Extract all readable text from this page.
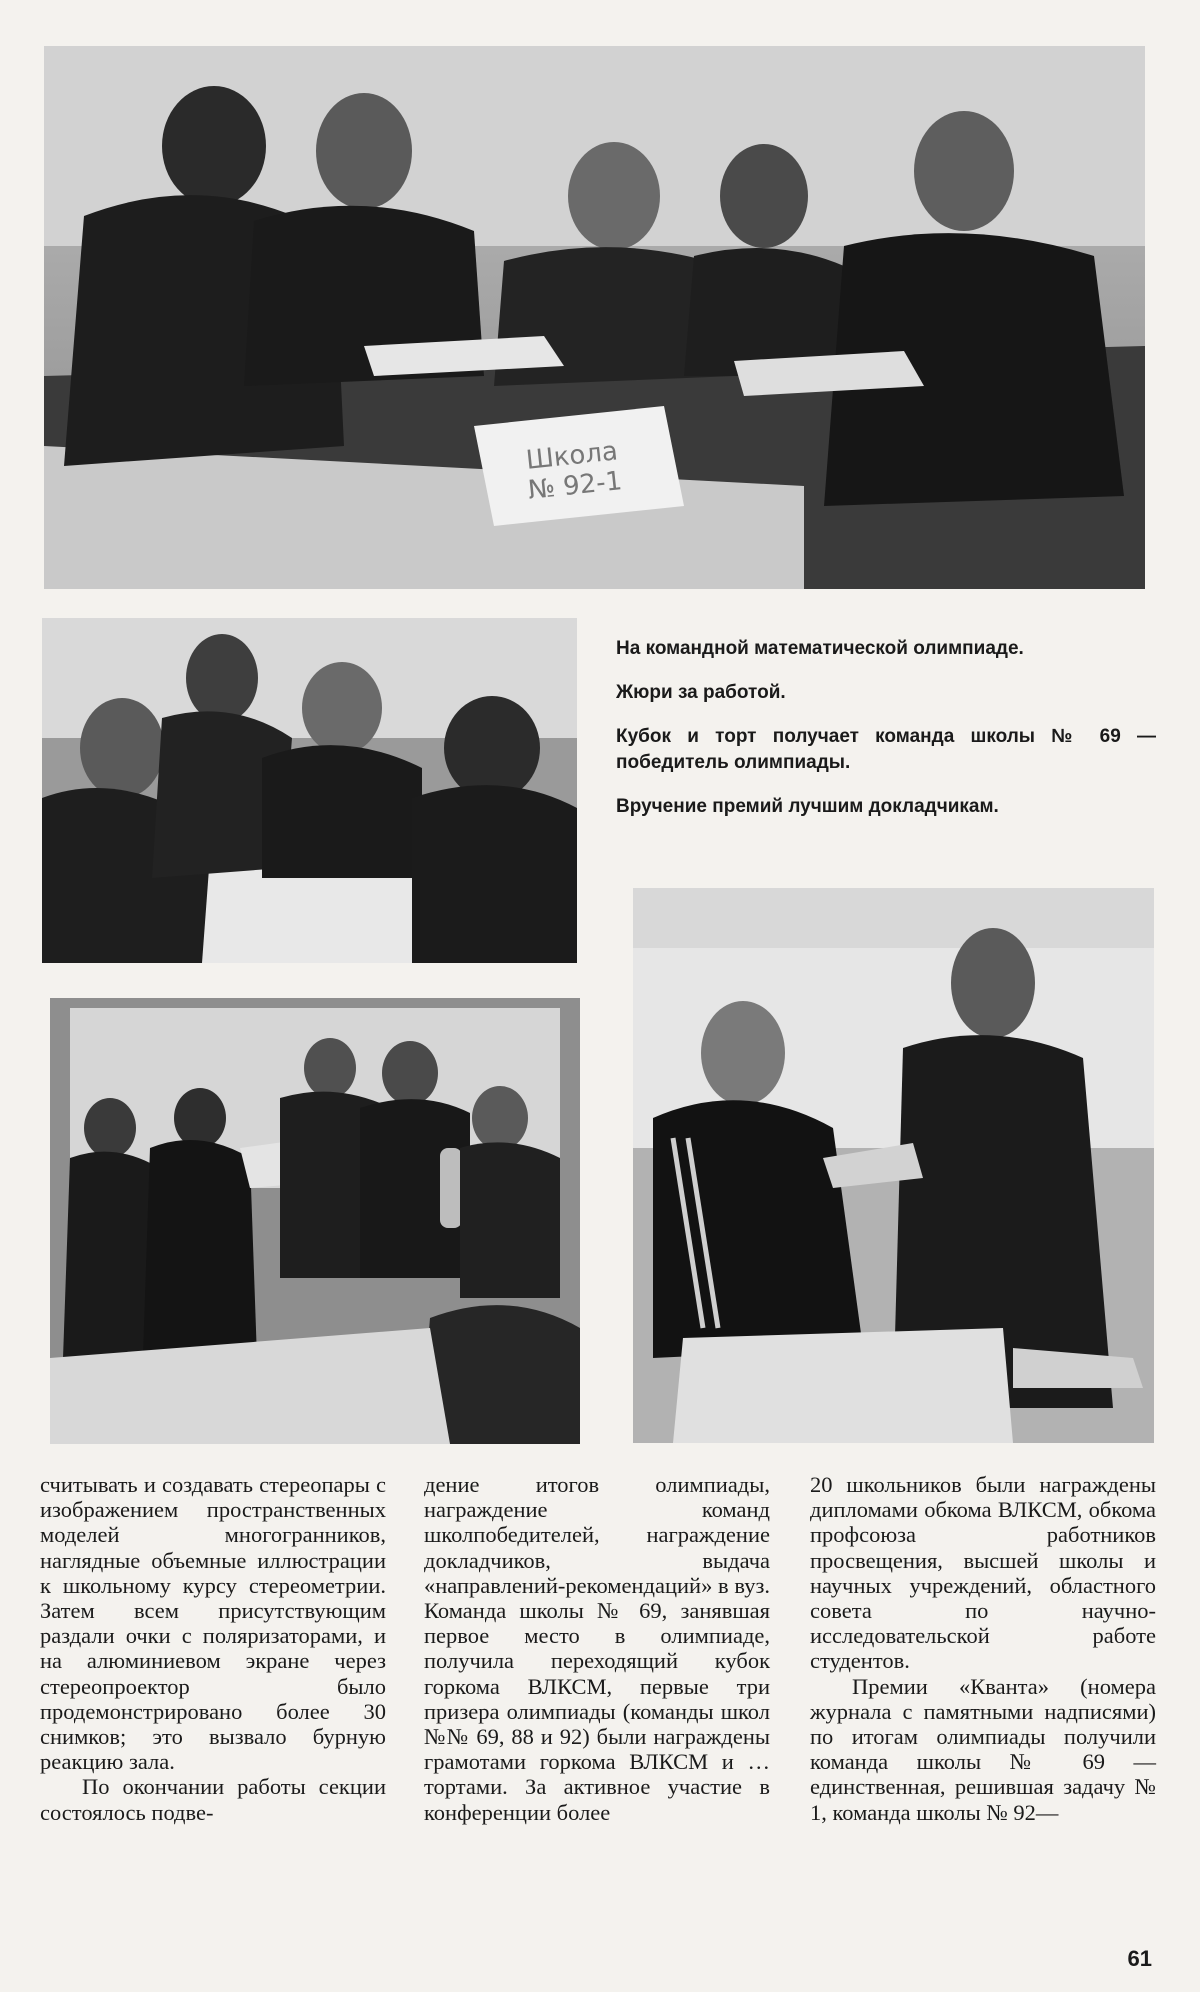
Школа№ 92-1

На командной математической олимпиаде.

Жюри за работой.

Кубок и торт получает команда школы № 69 — победитель олимпиады.

Вручение премий лучшим докладчикам.

считывать и создавать стереопары с изображением пространственных моделей многогранников, наглядные объемные иллюстрации к школьному курсу стереометрии. Затем всем присутствующим раздали очки с поляризаторами, и на алюминиевом экране через стереопроектор было продемонстрировано более 30 снимков; это вызвало бурную реакцию зала.

По окончании работы секции состоялось подве-

дение итогов олимпиады, награждение команд школпобедителей, награждение докладчиков, выдача «направлений-рекомендаций» в вуз. Команда школы № 69, занявшая первое место в олимпиаде, получила переходящий кубок горкома ВЛКСМ, первые три призера олимпиады (команды школ №№ 69, 88 и 92) были награждены грамотами горкома ВЛКСМ и …тортами. За активное участие в конференции более

20 школьников были награждены дипломами обкома ВЛКСМ, обкома профсоюза работников просвещения, высшей школы и научных учреждений, областного совета по научно-исследовательской работе студентов.

Премии «Кванта» (номера журнала с памятными надписями) по итогам олимпиады получили команда школы № 69 — единственная, решившая задачу № 1, команда школы № 92—

61
